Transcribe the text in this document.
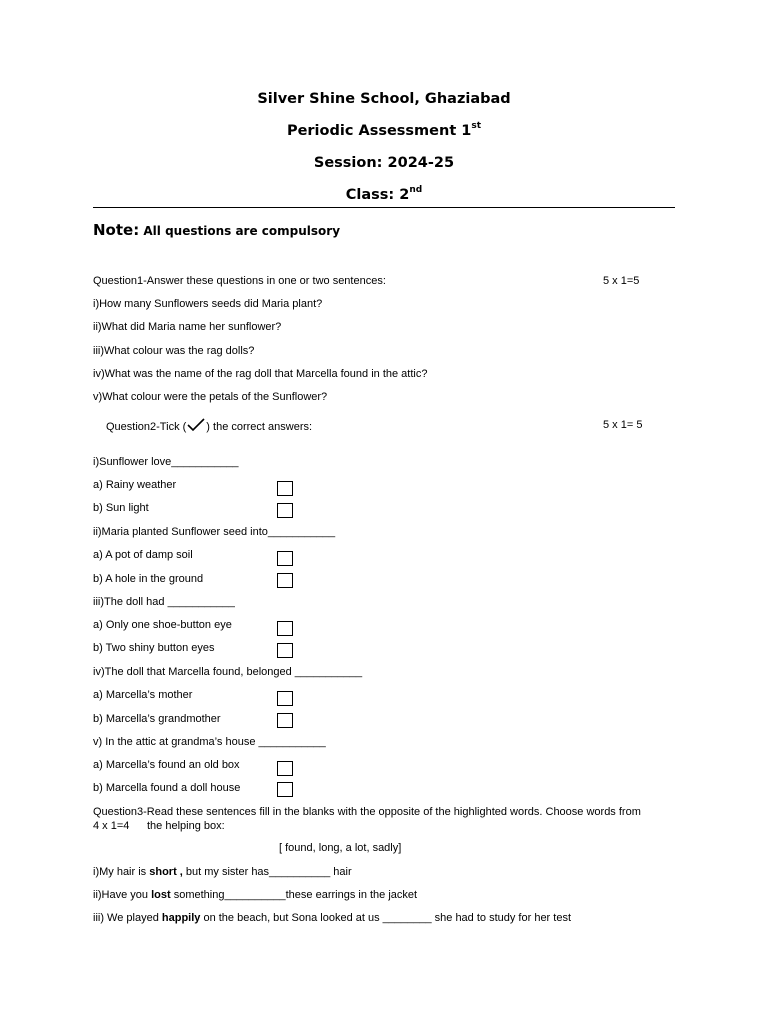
Silver Shine School, Ghaziabad
Periodic Assessment 1st
Session: 2024-25
Class: 2nd
Note: All questions are compulsory
Question1-Answer these questions in one or two sentences:	5 x 1=5
i)How many Sunflowers seeds did Maria plant?
ii)What did Maria name her sunflower?
iii)What colour was the rag dolls?
iv)What was the name of the rag doll that Marcella found in the attic?
v)What colour were the petals of the Sunflower?
Question2-Tick ( ) the correct answers:	5 x 1= 5
i)Sunflower love___________
a) Rainy weather
b) Sun light
ii)Maria planted Sunflower seed into___________
a) A pot of damp soil
b) A hole in the ground
iii)The doll had ___________
a) Only one shoe-button eye
b) Two shiny button eyes
iv)The doll that Marcella found, belonged ___________
a) Marcella’s mother
b) Marcella’s grandmother
v) In the attic at grandma’s house ___________
a) Marcella’s found an old box
b) Marcella found a doll house
Question3-Read these sentences fill in the blanks with the opposite of the highlighted words. Choose words from
4 x 1=4 the helping box:
[ found, long, a lot, sadly]
i)My hair is short , but my sister has__________ hair
ii)Have you lost something__________these earrings in the jacket
iii) We played happily on the beach, but Sona looked at us ________ she had to study for her test
